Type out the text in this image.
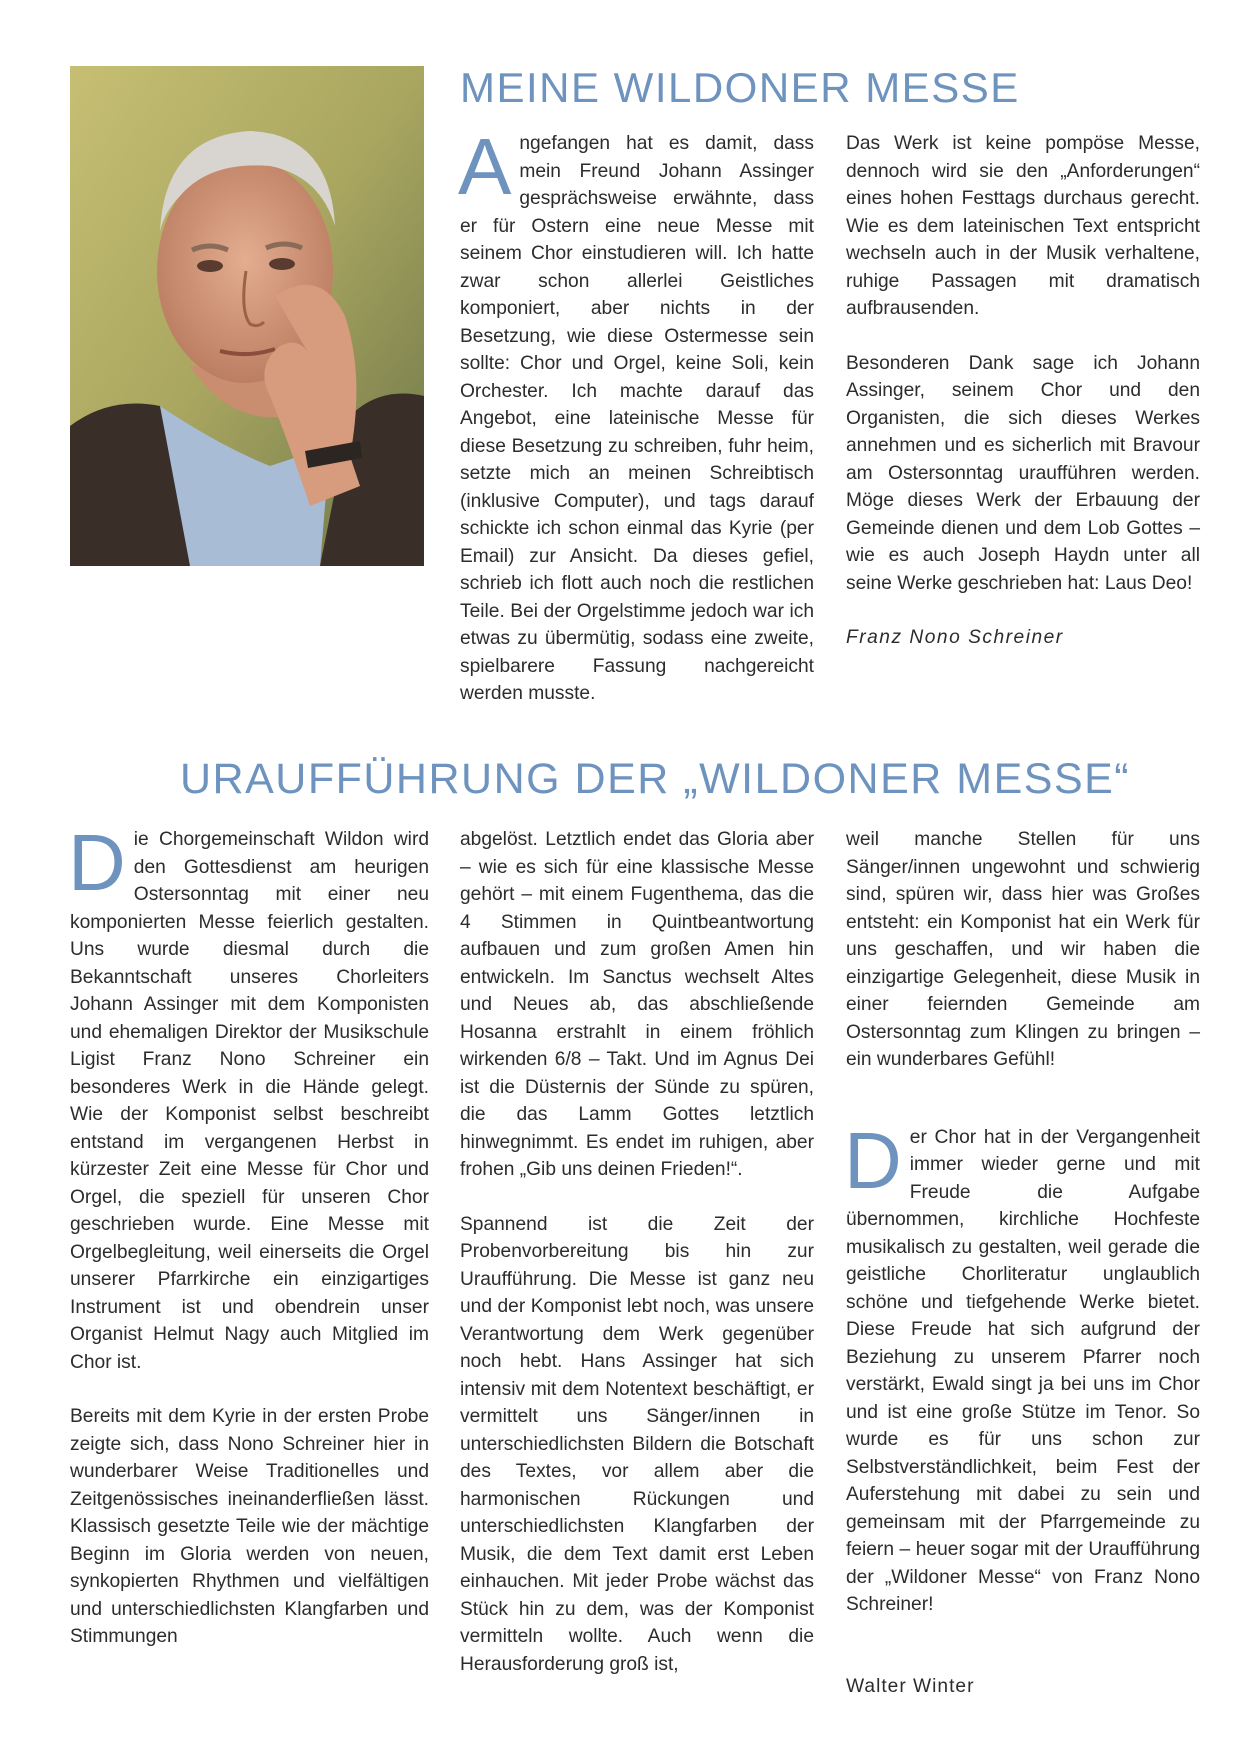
MEINE WILDONER MESSE

Angefangen hat es damit, dass mein Freund Johann Assinger gesprächsweise erwähnte, dass er für Ostern eine neue Messe mit seinem Chor einstudieren will. Ich hatte zwar schon allerlei Geistliches komponiert, aber nichts in der Besetzung, wie diese Ostermesse sein sollte: Chor und Orgel, keine Soli, kein Orchester. Ich machte darauf das Angebot, eine lateinische Messe für diese Besetzung zu schreiben, fuhr heim, setzte mich an meinen Schreibtisch (inklusive Computer), und tags darauf schickte ich schon einmal das Kyrie (per Email) zur Ansicht. Da dieses gefiel, schrieb ich flott auch noch die restlichen Teile. Bei der Orgelstimme jedoch war ich etwas zu übermütig, sodass eine zweite, spielbarere Fassung nachgereicht werden musste.

Das Werk ist keine pompöse Messe, dennoch wird sie den „Anforderungen“ eines hohen Festtags durchaus gerecht. Wie es dem lateinischen Text entspricht wechseln auch in der Musik verhaltene, ruhige Passagen mit dramatisch aufbrausenden.

Besonderen Dank sage ich Johann Assinger, seinem Chor und den Organisten, die sich dieses Werkes annehmen und es sicherlich mit Bravour am Ostersonntag uraufführen werden. Möge dieses Werk der Erbauung der Gemeinde dienen und dem Lob Gottes – wie es auch Joseph Haydn unter all seine Werke geschrieben hat: Laus Deo!

Franz Nono Schreiner

URAUFFÜHRUNG DER „WILDONER MESSE“

Die Chorgemeinschaft Wildon wird den Gottesdienst am heurigen Ostersonntag mit einer neu komponierten Messe feierlich gestalten. Uns wurde diesmal durch die Bekanntschaft unseres Chorleiters Johann Assinger mit dem Komponisten und ehemaligen Direktor der Musikschule Ligist Franz Nono Schreiner ein besonderes Werk in die Hände gelegt. Wie der Komponist selbst beschreibt entstand im vergangenen Herbst in kürzester Zeit eine Messe für Chor und Orgel, die speziell für unseren Chor geschrieben wurde. Eine Messe mit Orgelbegleitung, weil einerseits die Orgel unserer Pfarrkirche ein einzigartiges Instrument ist und obendrein unser Organist Helmut Nagy auch Mitglied im Chor ist.

Bereits mit dem Kyrie in der ersten Probe zeigte sich, dass Nono Schreiner hier in wunderbarer Weise Traditionelles und Zeitgenössisches ineinanderfließen lässt. Klassisch gesetzte Teile wie der mächtige Beginn im Gloria werden von neuen, synkopierten Rhythmen und vielfältigen und unterschiedlichsten Klangfarben und Stimmungen

abgelöst. Letztlich endet das Gloria aber – wie es sich für eine klassische Messe gehört – mit einem Fugenthema, das die 4 Stimmen in Quintbeantwortung aufbauen und zum großen Amen hin entwickeln. Im Sanctus wechselt Altes und Neues ab, das abschließende Hosanna erstrahlt in einem fröhlich wirkenden 6/8 – Takt. Und im Agnus Dei ist die Düsternis der Sünde zu spüren, die das Lamm Gottes letztlich hinwegnimmt. Es endet im ruhigen, aber frohen „Gib uns deinen Frieden!“.

Spannend ist die Zeit der Probenvorbereitung bis hin zur Uraufführung. Die Messe ist ganz neu und der Komponist lebt noch, was unsere Verantwortung dem Werk gegenüber noch hebt. Hans Assinger hat sich intensiv mit dem Notentext beschäftigt, er vermittelt uns Sänger/innen in unterschiedlichsten Bildern die Botschaft des Textes, vor allem aber die harmonischen Rückungen und unterschiedlichsten Klangfarben der Musik, die dem Text damit erst Leben einhauchen. Mit jeder Probe wächst das Stück hin zu dem, was der Komponist vermitteln wollte. Auch wenn die Herausforderung groß ist,

weil manche Stellen für uns Sänger/innen ungewohnt und schwierig sind, spüren wir, dass hier was Großes entsteht: ein Komponist hat ein Werk für uns geschaffen, und wir haben die einzigartige Gelegenheit, diese Musik in einer feiernden Gemeinde am Ostersonntag zum Klingen zu bringen – ein wunderbares Gefühl!

Der Chor hat in der Vergangenheit immer wieder gerne und mit Freude die Aufgabe übernommen, kirchliche Hochfeste musikalisch zu gestalten, weil gerade die geistliche Chorliteratur unglaublich schöne und tiefgehende Werke bietet. Diese Freude hat sich aufgrund der Beziehung zu unserem Pfarrer noch verstärkt, Ewald singt ja bei uns im Chor und ist eine große Stütze im Tenor. So wurde es für uns schon zur Selbstverständlichkeit, beim Fest der Auferstehung mit dabei zu sein und gemeinsam mit der Pfarrgemeinde zu feiern – heuer sogar mit der Uraufführung der „Wildoner Messe“ von Franz Nono Schreiner!

Walter Winter
